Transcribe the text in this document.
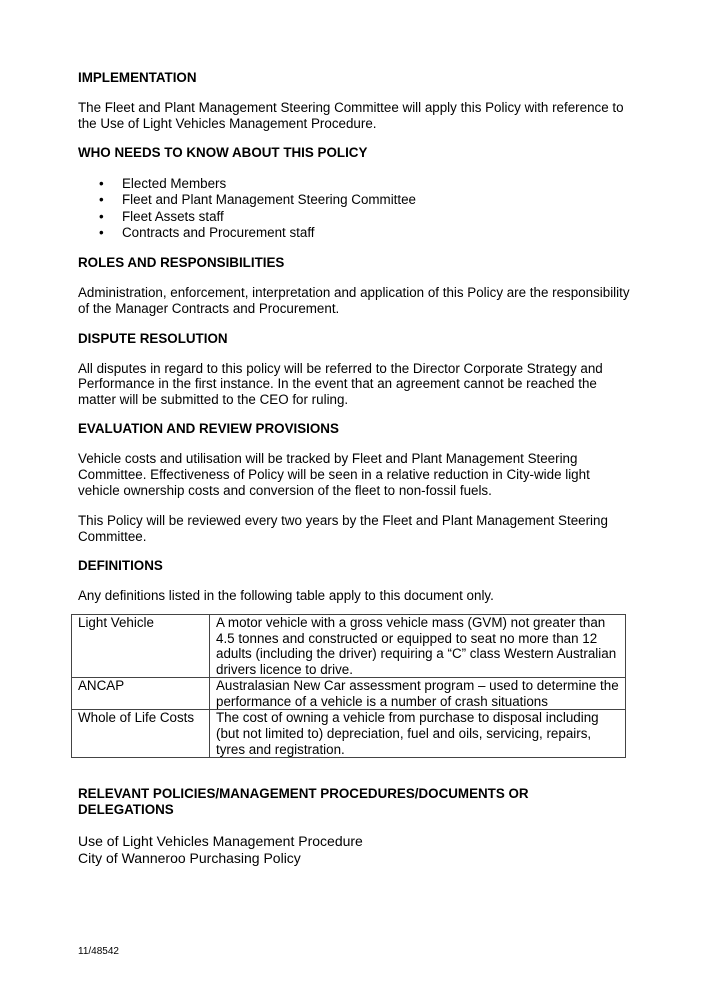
IMPLEMENTATION

The Fleet and Plant Management Steering Committee will apply this Policy with reference to the Use of Light Vehicles Management Procedure.

WHO NEEDS TO KNOW ABOUT THIS POLICY
• Elected Members
• Fleet and Plant Management Steering Committee
• Fleet Assets staff
• Contracts and Procurement staff
ROLES AND RESPONSIBILITIES

Administration, enforcement, interpretation and application of this Policy are the responsibility of the Manager Contracts and Procurement.

DISPUTE RESOLUTION

All disputes in regard to this policy will be referred to the Director Corporate Strategy and Performance in the first instance. In the event that an agreement cannot be reached the matter will be submitted to the CEO for ruling.

EVALUATION AND REVIEW PROVISIONS

Vehicle costs and utilisation will be tracked by Fleet and Plant Management Steering Committee. Effectiveness of Policy will be seen in a relative reduction in City-wide light vehicle ownership costs and conversion of the fleet to non-fossil fuels.

This Policy will be reviewed every two years by the Fleet and Plant Management Steering Committee.

DEFINITIONS

Any definitions listed in the following table apply to this document only.

Light Vehicle	A motor vehicle with a gross vehicle mass (GVM) not greater than 4.5 tonnes and constructed or equipped to seat no more than 12 adults (including the driver) requiring a “C” class Western Australian drivers licence to drive.
ANCAP	Australasian New Car assessment program – used to determine the performance of a vehicle is a number of crash situations
Whole of Life Costs	The cost of owning a vehicle from purchase to disposal including (but not limited to) depreciation, fuel and oils, servicing, repairs, tyres and registration.
RELEVANT POLICIES/MANAGEMENT PROCEDURES/DOCUMENTS OR DELEGATIONS

Use of Light Vehicles Management Procedure

City of Wanneroo Purchasing Policy

11/48542
